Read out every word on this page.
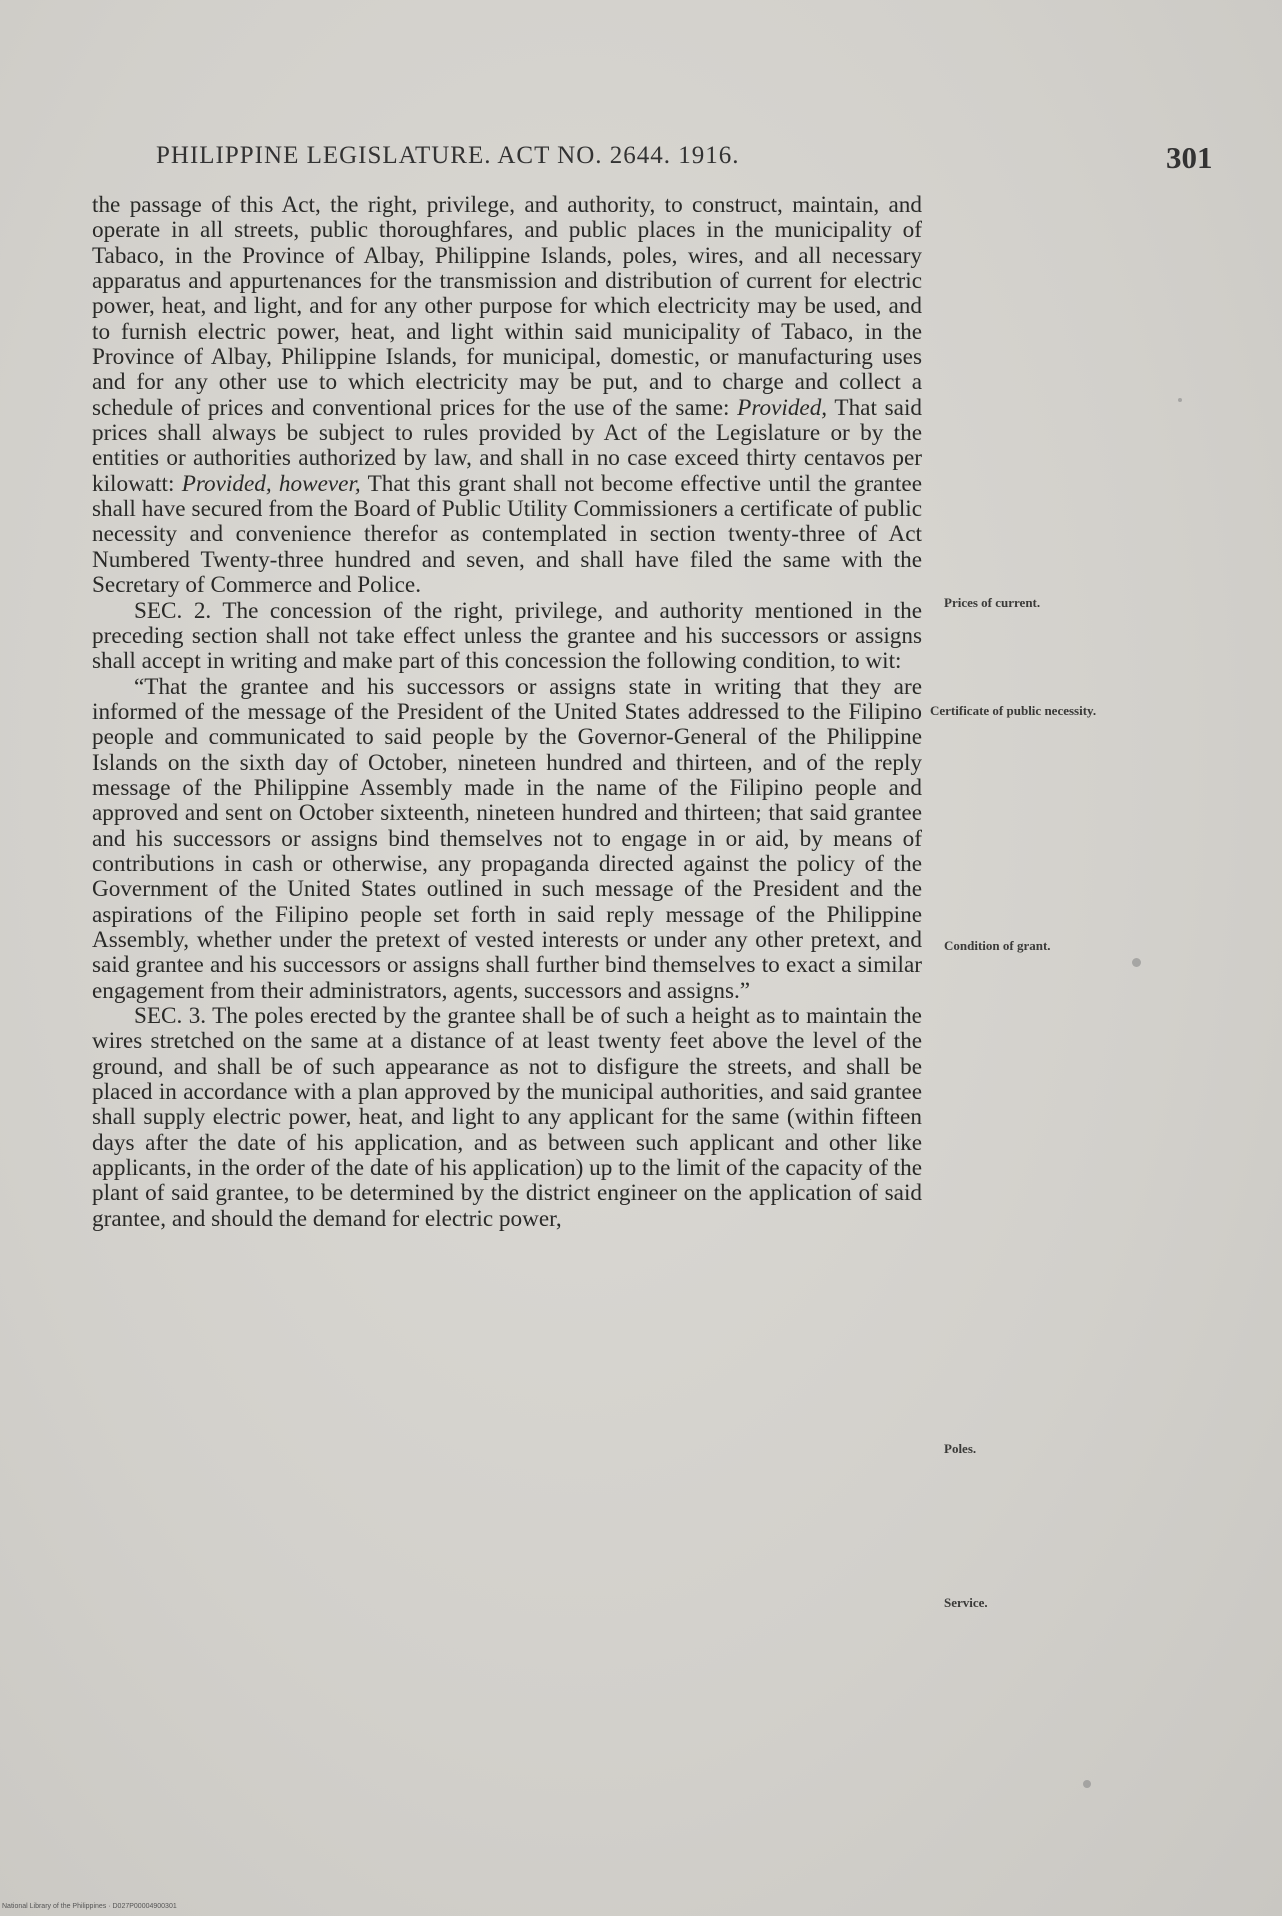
PHILIPPINE LEGISLATURE. ACT NO. 2644. 1916.	301

the passage of this Act, the right, privilege, and authority, to construct, maintain, and operate in all streets, public thoroughfares, and public places in the municipality of Tabaco, in the Province of Albay, Philippine Islands, poles, wires, and all necessary apparatus and appurtenances for the transmission and distribution of current for electric power, heat, and light, and for any other purpose for which electricity may be used, and to furnish electric power, heat, and light within said municipality of Tabaco, in the Province of Albay, Philippine Islands, for municipal, domestic, or manufacturing uses and for any other use to which electricity may be put, and to charge and collect a schedule of prices and conventional prices for the use of the same: Provided, That said prices shall always be subject to rules provided by Act of the Legislature or by the entities or authorities authorized by law, and shall in no case exceed thirty centavos per kilowatt: Provided, however, That this grant shall not become effective until the grantee shall have secured from the Board of Public Utility Commissioners a certificate of public necessity and convenience therefor as contemplated in section twenty-three of Act Numbered Twenty-three hundred and seven, and shall have filed the same with the Secretary of Commerce and Police.

SEC. 2. The concession of the right, privilege, and authority mentioned in the preceding section shall not take effect unless the grantee and his successors or assigns shall accept in writing and make part of this concession the following condition, to wit:

“That the grantee and his successors or assigns state in writing that they are informed of the message of the President of the United States addressed to the Filipino people and communicated to said people by the Governor-General of the Philippine Islands on the sixth day of October, nineteen hundred and thirteen, and of the reply message of the Philippine Assembly made in the name of the Filipino people and approved and sent on October sixteenth, nineteen hundred and thirteen; that said grantee and his successors or assigns bind themselves not to engage in or aid, by means of contributions in cash or otherwise, any propaganda directed against the policy of the Government of the United States outlined in such message of the President and the aspirations of the Filipino people set forth in said reply message of the Philippine Assembly, whether under the pretext of vested interests or under any other pretext, and said grantee and his successors or assigns shall further bind themselves to exact a similar engagement from their administrators, agents, successors and assigns.”

SEC. 3. The poles erected by the grantee shall be of such a height as to maintain the wires stretched on the same at a distance of at least twenty feet above the level of the ground, and shall be of such appearance as not to disfigure the streets, and shall be placed in accordance with a plan approved by the municipal authorities, and said grantee shall supply electric power, heat, and light to any applicant for the same (within fifteen days after the date of his application, and as between such applicant and other like applicants, in the order of the date of his application) up to the limit of the capacity of the plant of said grantee, to be determined by the district engineer on the application of said grantee, and should the demand for electric power,

Prices of current.
Certificate of public necessity.
Condition of grant.
Poles.
Service.
National Library of the Philippines · D027P00004900301
